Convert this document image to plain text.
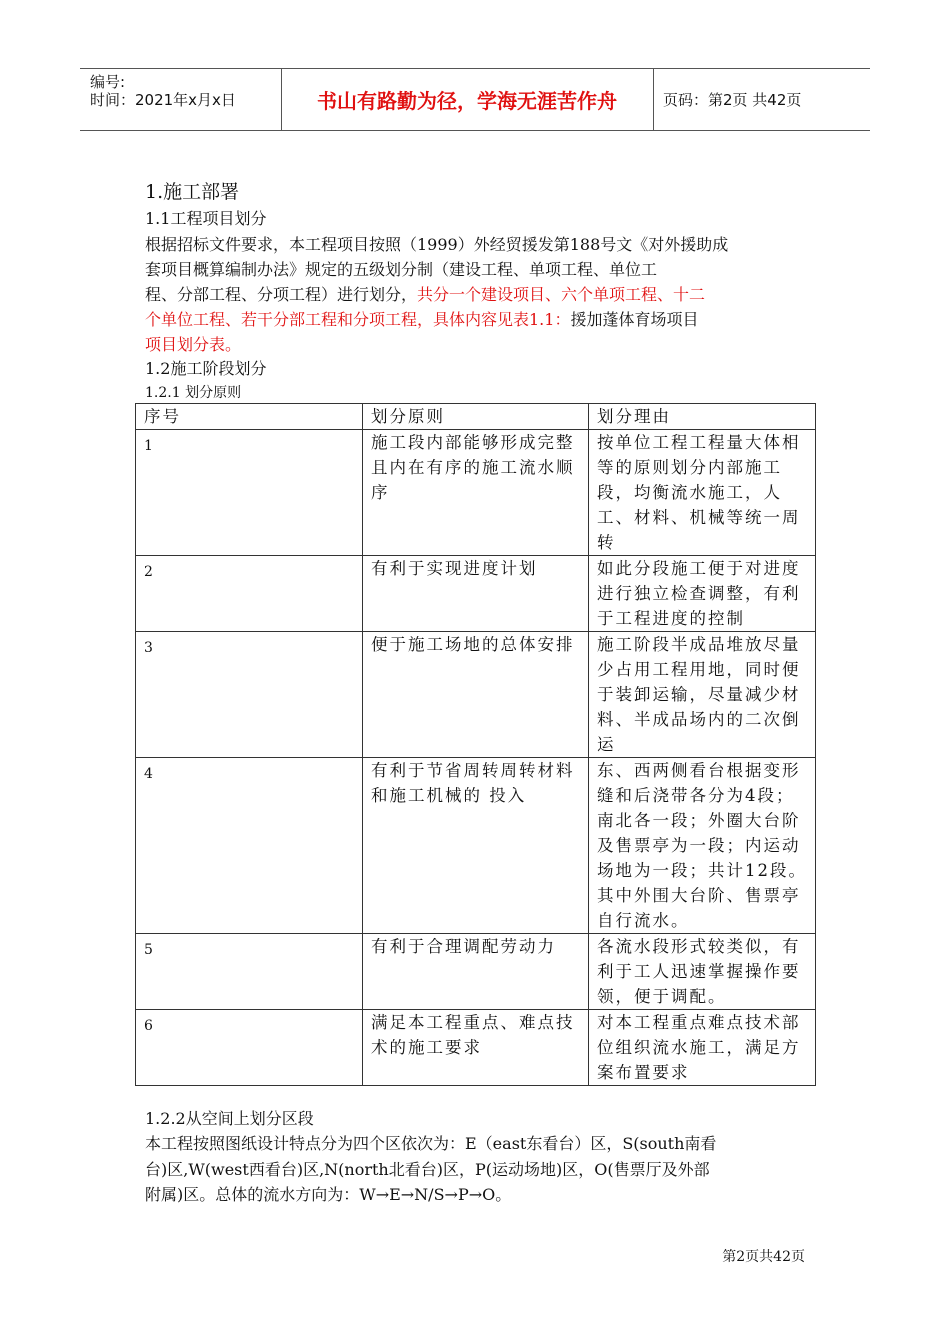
编号:
时间：2021年x月x日	书山有路勤为径，学海无涯苦作舟	页码：第2页 共42页
1.施工部署
1.1工程项目划分
根据招标文件要求，本工程项目按照（1999）外经贸援发第188号文《对外援助成
套项目概算编制办法》规定的五级划分制（建设工程、单项工程、单位工
程、分部工程、分项工程）进行划分，共分一个建设项目、六个单项工程、十二
个单位工程、若干分部工程和分项工程，具体内容见表1.1：援加蓬体育场项目
项目划分表。
1.2施工阶段划分
1.2.1 划分原则
序号	划分原则	划分理由
1	施工段内部能够形成完整且内在有序的施工流水顺序	按单位工程工程量大体相等的原则划分内部施工段，均衡流水施工，人工、材料、机械等统一周转
2	有利于实现进度计划	如此分段施工便于对进度进行独立检查调整，有利于工程进度的控制
3	便于施工场地的总体安排	施工阶段半成品堆放尽量少占用工程用地，同时便于装卸运输，尽量减少材料、半成品场内的二次倒运
4	有利于节省周转周转材料和施工机械的 投入	东、西两侧看台根据变形缝和后浇带各分为4段；南北各一段；外圈大台阶及售票亭为一段；内运动场地为一段；共计12段。其中外围大台阶、售票亭自行流水。
5	有利于合理调配劳动力	各流水段形式较类似，有利于工人迅速掌握操作要领，便于调配。
6	满足本工程重点、难点技术的施工要求	对本工程重点难点技术部位组织流水施工，满足方案布置要求
1.2.2从空间上划分区段
本工程按照图纸设计特点分为四个区依次为：E（east东看台）区，S(south南看
台)区,W(west西看台)区,N(north北看台)区，P(运动场地)区，O(售票厅及外部
附属)区。总体的流水方向为：W→E→N/S→P→O。
第2页共42页
